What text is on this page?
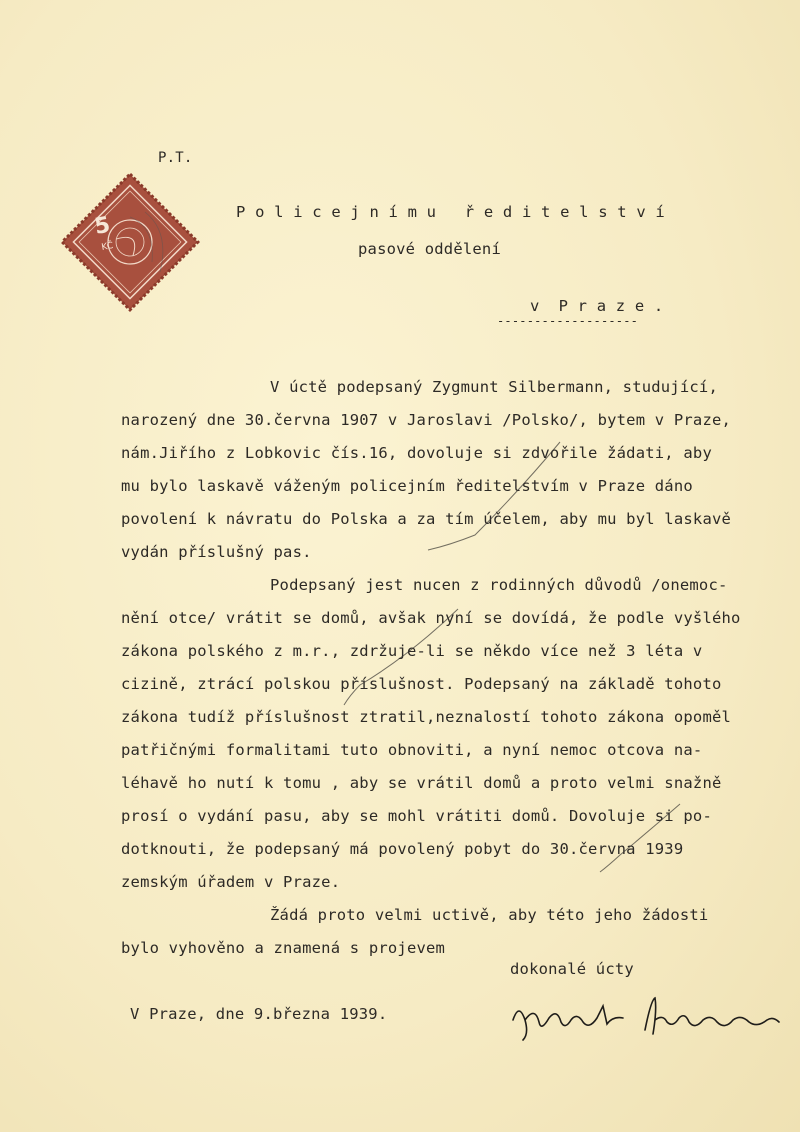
5
KČ
P.T.
P o l i c e j n í m u   ř e d i t e l s t v í
pasové oddělení
v  P r a z e .
-------------------
V úctě podepsaný Zygmunt Silbermann, studující,
narozený dne 30.června 1907 v Jaroslavi /Polsko/, bytem v Praze,
nám.Jiřího z Lobkovic čís.16, dovoluje si zdvořile žádati, aby
mu bylo laskavě váženým policejním ředitelstvím v Praze dáno
povolení k návratu do Polska a za tím účelem, aby mu byl laskavě
vydán příslušný pas.
Podepsaný jest nucen z rodinných důvodů /onemoc-
nění otce/ vrátit se domů, avšak nyní se dovídá, že podle vyšlého
zákona polského z m.r., zdržuje-li se někdo více než 3 léta v
cizině, ztrácí polskou příslušnost. Podepsaný na základě tohoto
zákona tudíž příslušnost ztratil,neznalostí tohoto zákona opoměl
patřičnými formalitami tuto obnoviti, a nyní nemoc otcova na-
léhavě ho nutí k tomu , aby se vrátil domů a proto velmi snažně
prosí o vydání pasu, aby se mohl vrátiti domů. Dovoluje si po-
dotknouti, že podepsaný má povolený pobyt do 30.června 1939
zemským úřadem v Praze.
Žádá proto velmi uctivě, aby této jeho žádosti
bylo vyhověno a znamená s projevem
dokonalé úcty
V Praze, dne 9.března 1939.
